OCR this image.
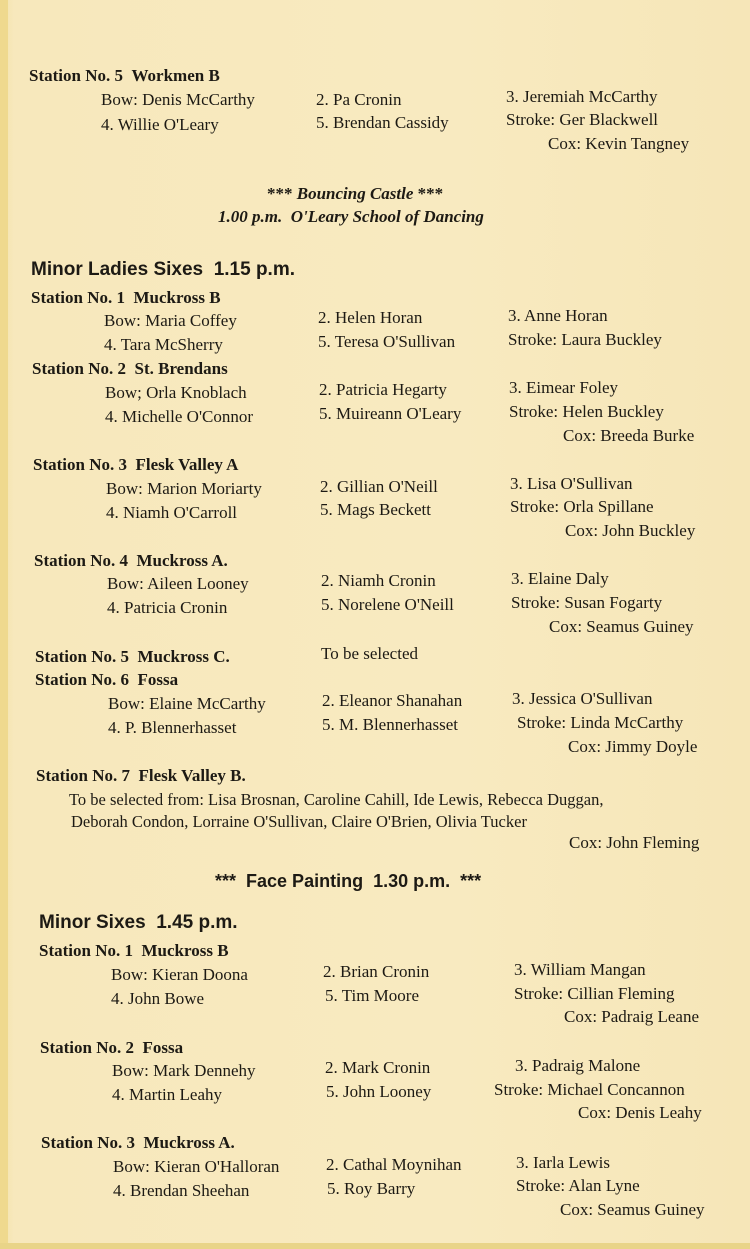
Station No. 5 Workmen B
Bow: Denis McCarthy	2. Pa Cronin	3. Jeremiah McCarthy
4. Willie O'Leary	5. Brendan Cassidy	Stroke: Ger Blackwell
Cox: Kevin Tangney
*** Bouncing Castle ***
1.00 p.m. O'Leary School of Dancing
Minor Ladies Sixes 1.15 p.m.
Station No. 1 Muckross B
Bow: Maria Coffey	2. Helen Horan	3. Anne Horan
4. Tara McSherry	5. Teresa O'Sullivan	Stroke: Laura Buckley
Station No. 2 St. Brendans
Bow; Orla Knoblach	2. Patricia Hegarty	3. Eimear Foley
4. Michelle O'Connor	5. Muireann O'Leary	Stroke: Helen Buckley
Cox: Breeda Burke
Station No. 3 Flesk Valley A
Bow: Marion Moriarty	2. Gillian O'Neill	3. Lisa O'Sullivan
4. Niamh O'Carroll	5. Mags Beckett	Stroke: Orla Spillane
Cox: John Buckley
Station No. 4 Muckross A.
Bow: Aileen Looney	2. Niamh Cronin	3. Elaine Daly
4. Patricia Cronin	5. Norelene O'Neill	Stroke: Susan Fogarty
Cox: Seamus Guiney
Station No. 5 Muckross C.	To be selected
Station No. 6 Fossa
Bow: Elaine McCarthy	2. Eleanor Shanahan	3. Jessica O'Sullivan
4. P. Blennerhasset	5. M. Blennerhasset	Stroke: Linda McCarthy
Cox: Jimmy Doyle
Station No. 7 Flesk Valley B.
To be selected from: Lisa Brosnan, Caroline Cahill, Ide Lewis, Rebecca Duggan,
Deborah Condon, Lorraine O'Sullivan, Claire O'Brien, Olivia Tucker
Cox: John Fleming
*** Face Painting 1.30 p.m. ***
Minor Sixes 1.45 p.m.
Station No. 1 Muckross B
Bow: Kieran Doona	2. Brian Cronin	3. William Mangan
4. John Bowe	5. Tim Moore	Stroke: Cillian Fleming
Cox: Padraig Leane
Station No. 2 Fossa
Bow: Mark Dennehy	2. Mark Cronin	3. Padraig Malone
4. Martin Leahy	5. John Looney	Stroke: Michael Concannon
Cox: Denis Leahy
Station No. 3 Muckross A.
Bow: Kieran O'Halloran	2. Cathal Moynihan	3. Iarla Lewis
4. Brendan Sheehan	5. Roy Barry	Stroke: Alan Lyne
Cox: Seamus Guiney
